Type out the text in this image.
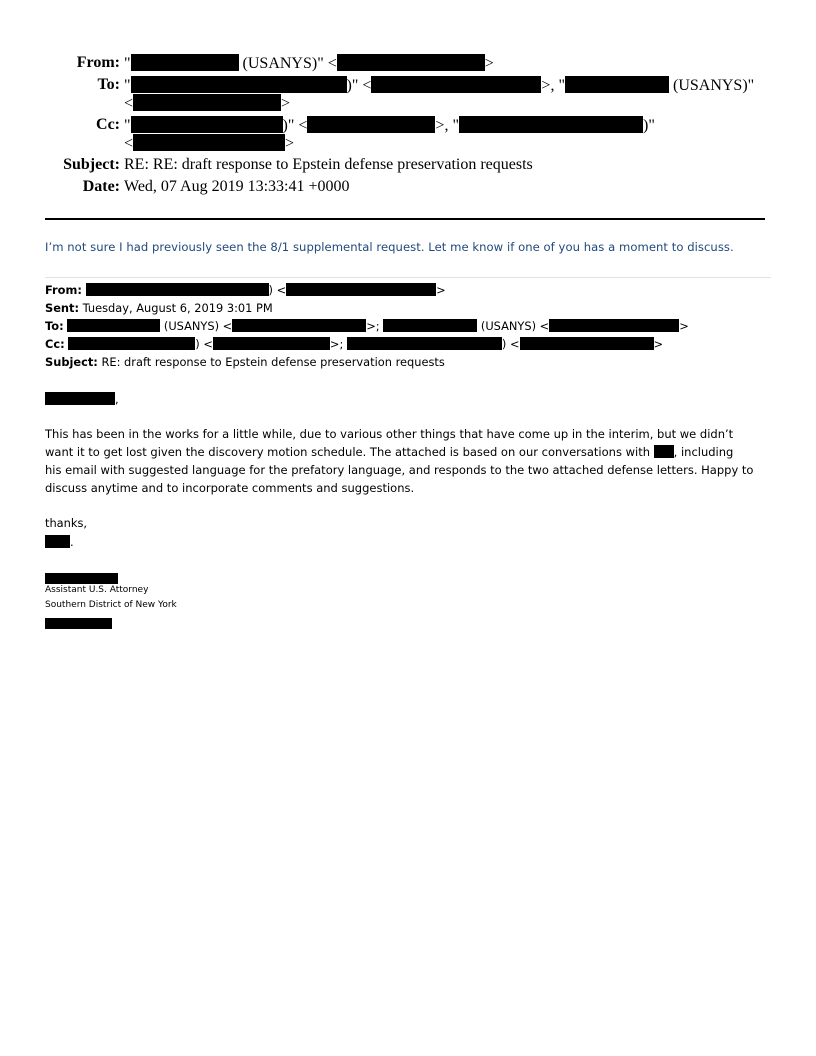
From: "	(USANYS)" <	>
To: "	)" <	>, "	(USANYS)"
<	>
Cc: "	)" <	>, "	)"
<	>
Subject: RE: RE: draft response to Epstein defense preservation requests
Date: Wed, 07 Aug 2019 13:33:41 +0000
I’m not sure I had previously seen the 8/1 supplemental request. Let me know if one of you has a moment to discuss.
From:	) <	>
Sent: Tuesday, August 6, 2019 3:01 PM
To:	(USANYS) <	>;	(USANYS) <	>
Cc:	) <	>;	) <	>
Subject: RE: draft response to Epstein defense preservation requests
,
This has been in the works for a little while, due to various other things that have come up in the interim, but we didn’t
want it to get lost given the discovery motion schedule. The attached is based on our conversations with , including
his email with suggested language for the prefatory language, and responds to the two attached defense letters. Happy to
discuss anytime and to incorporate comments and suggestions.
thanks,
.
Assistant U.S. Attorney
Southern District of New York
